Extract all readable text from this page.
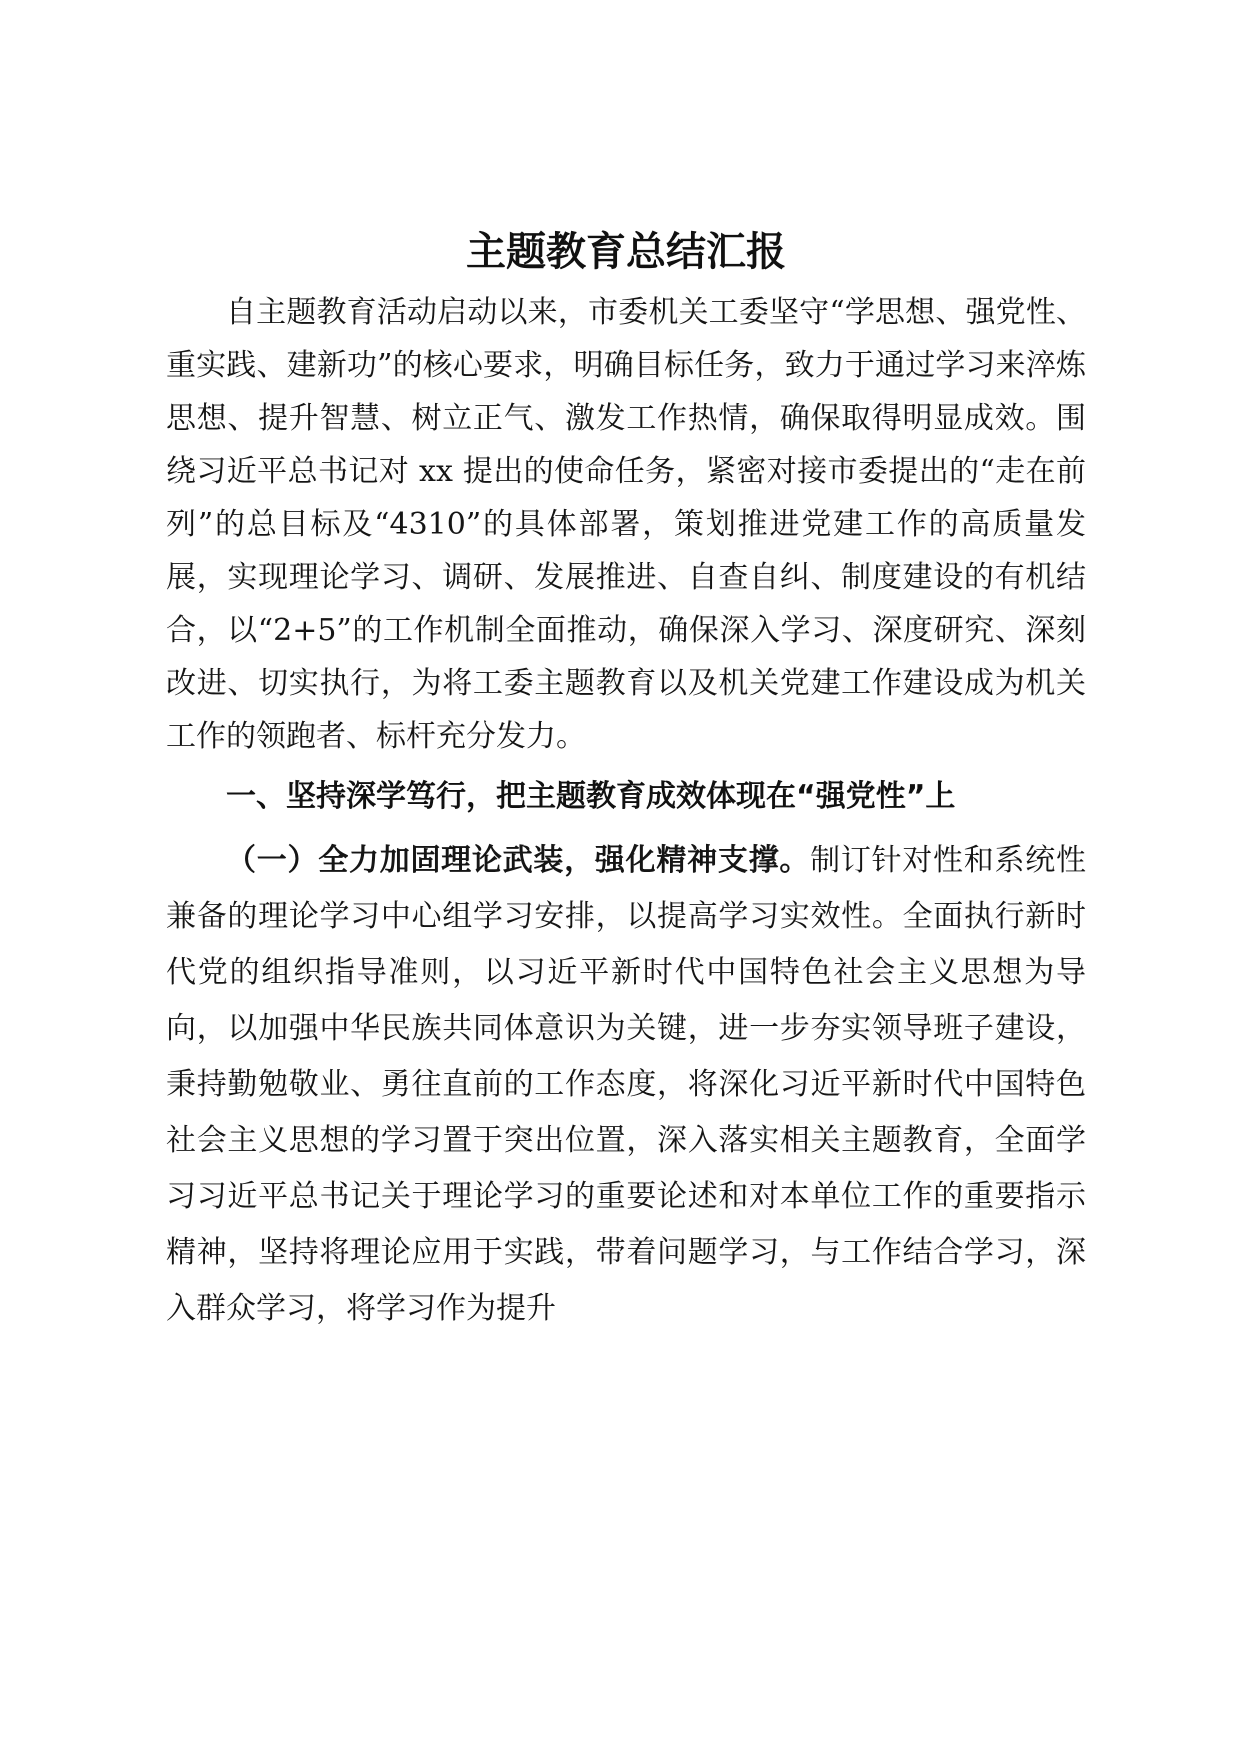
主题教育总结汇报

自主题教育活动启动以来，市委机关工委坚守“学思想、强党性、重实践、建新功”的核心要求，明确目标任务，致力于通过学习来淬炼思想、提升智慧、树立正气、激发工作热情，确保取得明显成效。围绕习近平总书记对 xx 提出的使命任务，紧密对接市委提出的“走在前列”的总目标及“4310”的具体部署，策划推进党建工作的高质量发展，实现理论学习、调研、发展推进、自查自纠、制度建设的有机结合，以“2+5”的工作机制全面推动，确保深入学习、深度研究、深刻改进、切实执行，为将工委主题教育以及机关党建工作建设成为机关工作的领跑者、标杆充分发力。

一、坚持深学笃行，把主题教育成效体现在“强党性”上

（一）全力加固理论武装，强化精神支撑。制订针对性和系统性兼备的理论学习中心组学习安排，以提高学习实效性。全面执行新时代党的组织指导准则，以习近平新时代中国特色社会主义思想为导向，以加强中华民族共同体意识为关键，进一步夯实领导班子建设，秉持勤勉敬业、勇往直前的工作态度，将深化习近平新时代中国特色社会主义思想的学习置于突出位置，深入落实相关主题教育，全面学习习近平总书记关于理论学习的重要论述和对本单位工作的重要指示精神，坚持将理论应用于实践，带着问题学习，与工作结合学习，深入群众学习，将学习作为提升
